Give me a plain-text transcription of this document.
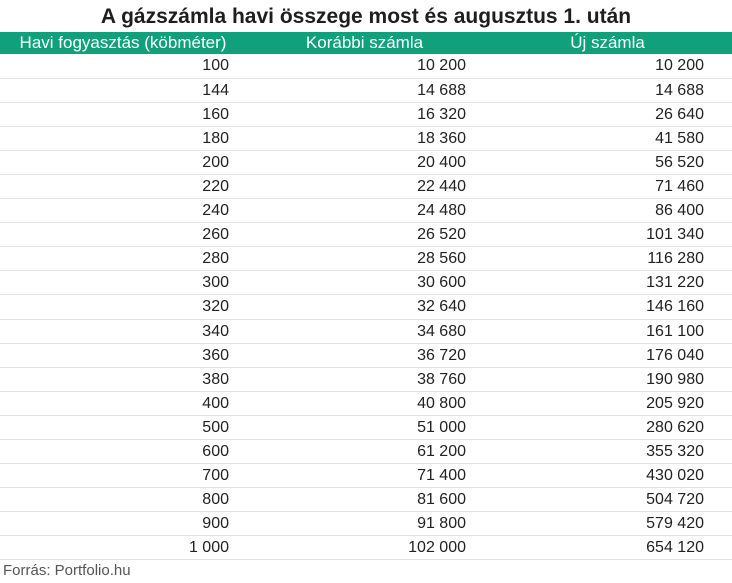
A gázszámla havi összege most és augusztus 1. után
Havi fogyasztás (köbméter)	Korábbi számla	Új számla
100	10 200	10 200
144	14 688	14 688
160	16 320	26 640
180	18 360	41 580
200	20 400	56 520
220	22 440	71 460
240	24 480	86 400
260	26 520	101 340
280	28 560	116 280
300	30 600	131 220
320	32 640	146 160
340	34 680	161 100
360	36 720	176 040
380	38 760	190 980
400	40 800	205 920
500	51 000	280 620
600	61 200	355 320
700	71 400	430 020
800	81 600	504 720
900	91 800	579 420
1 000	102 000	654 120
Forrás: Portfolio.hu
